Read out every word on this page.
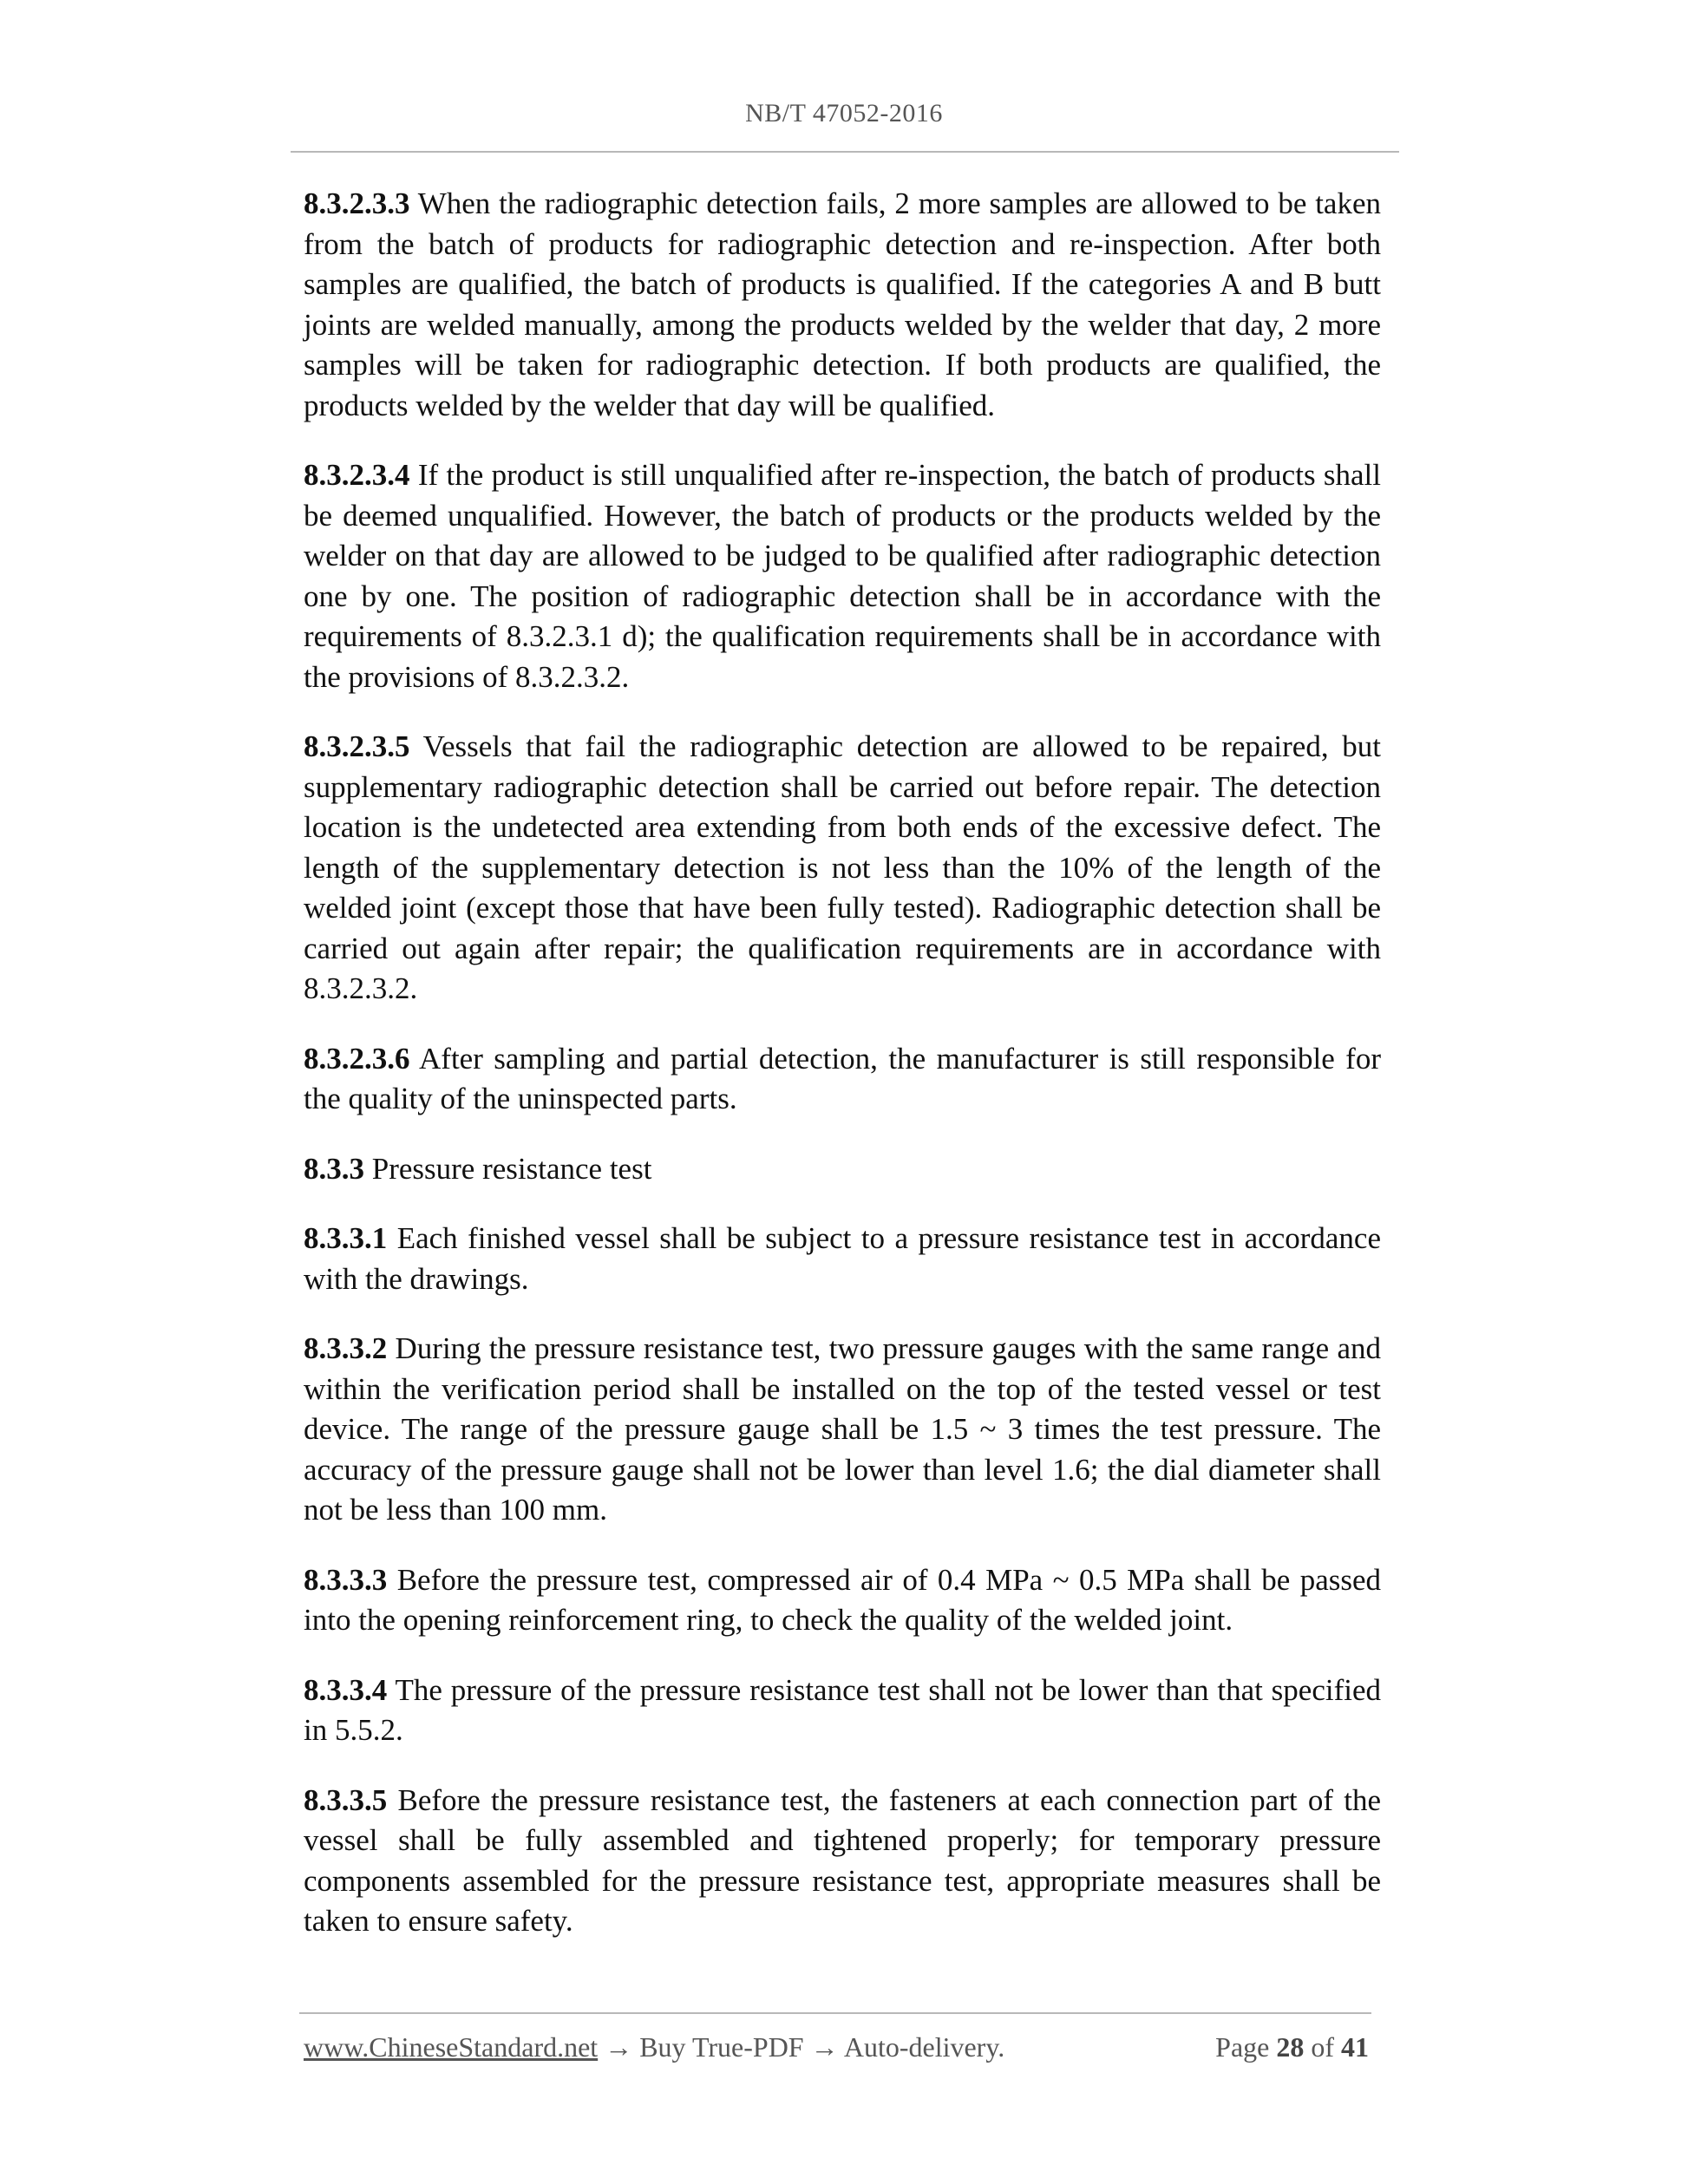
NB/T 47052-2016

8.3.2.3.3 When the radiographic detection fails, 2 more samples are allowed to be taken from the batch of products for radiographic detection and re-inspection. After both samples are qualified, the batch of products is qualified. If the categories A and B butt joints are welded manually, among the products welded by the welder that day, 2 more samples will be taken for radiographic detection. If both products are qualified, the products welded by the welder that day will be qualified.

8.3.2.3.4 If the product is still unqualified after re-inspection, the batch of products shall be deemed unqualified. However, the batch of products or the products welded by the welder on that day are allowed to be judged to be qualified after radiographic detection one by one. The position of radiographic detection shall be in accordance with the requirements of 8.3.2.3.1 d); the qualification requirements shall be in accordance with the provisions of 8.3.2.3.2.

8.3.2.3.5 Vessels that fail the radiographic detection are allowed to be repaired, but supplementary radiographic detection shall be carried out before repair. The detection location is the undetected area extending from both ends of the excessive defect. The length of the supplementary detection is not less than the 10% of the length of the welded joint (except those that have been fully tested). Radiographic detection shall be carried out again after repair; the qualification requirements are in accordance with 8.3.2.3.2.

8.3.2.3.6 After sampling and partial detection, the manufacturer is still responsible for the quality of the uninspected parts.

8.3.3 Pressure resistance test

8.3.3.1 Each finished vessel shall be subject to a pressure resistance test in accordance with the drawings.

8.3.3.2 During the pressure resistance test, two pressure gauges with the same range and within the verification period shall be installed on the top of the tested vessel or test device. The range of the pressure gauge shall be 1.5 ~ 3 times the test pressure. The accuracy of the pressure gauge shall not be lower than level 1.6; the dial diameter shall not be less than 100 mm.

8.3.3.3 Before the pressure test, compressed air of 0.4 MPa ~ 0.5 MPa shall be passed into the opening reinforcement ring, to check the quality of the welded joint.

8.3.3.4 The pressure of the pressure resistance test shall not be lower than that specified in 5.5.2.

8.3.3.5 Before the pressure resistance test, the fasteners at each connection part of the vessel shall be fully assembled and tightened properly; for temporary pressure components assembled for the pressure resistance test, appropriate measures shall be taken to ensure safety.

www.ChineseStandard.net → Buy True-PDF → Auto-delivery.	Page 28 of 41
